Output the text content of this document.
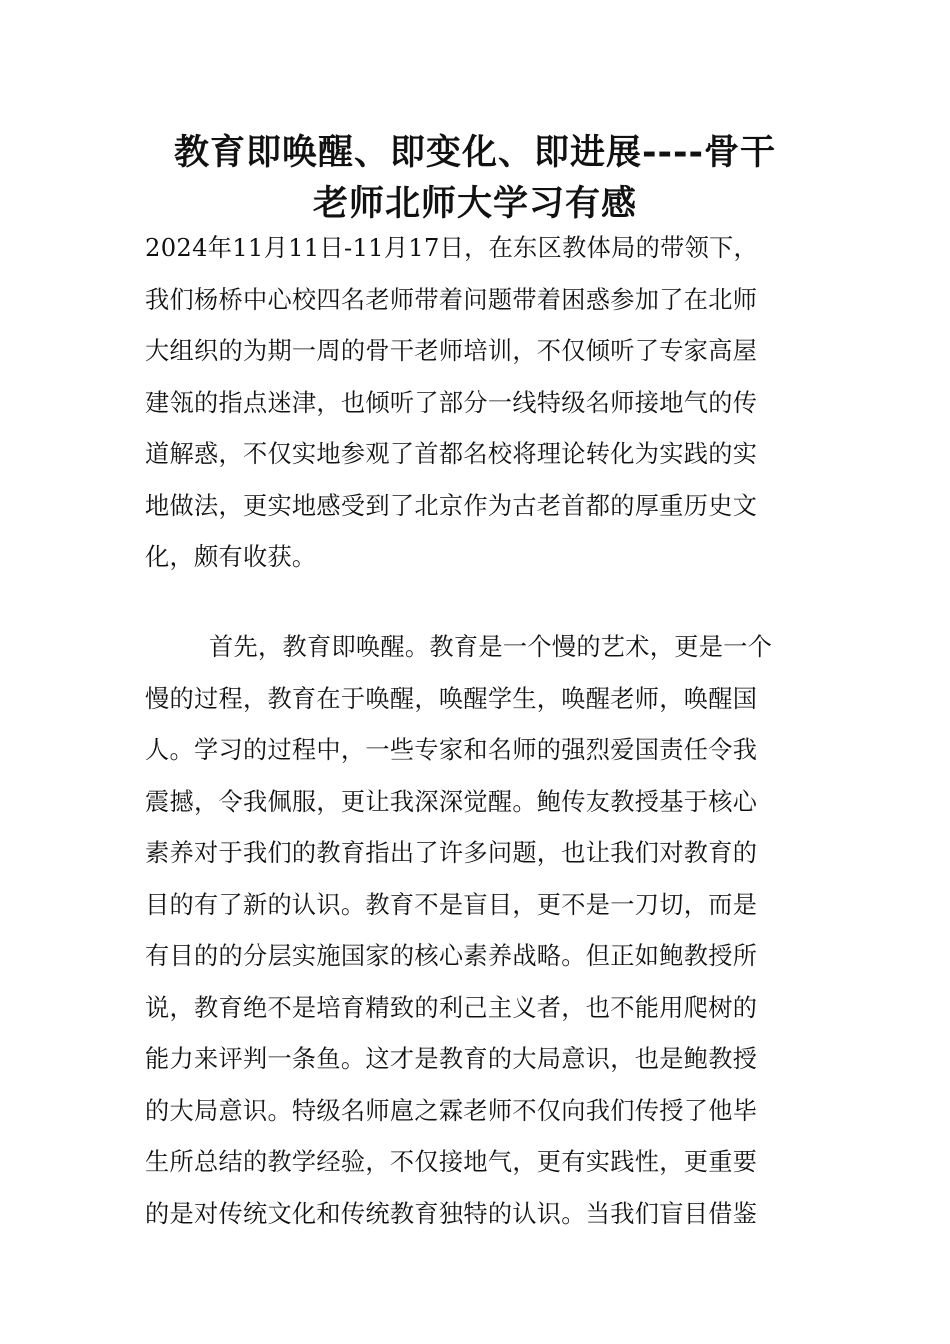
教育即唤醒、即变化、即进展----骨干
老师北师大学习有感
2024年11月11日-11月17日，在东区教体局的带领下，
我们杨桥中心校四名老师带着问题带着困惑参加了在北师
大组织的为期一周的骨干老师培训，不仅倾听了专家高屋
建瓴的指点迷津，也倾听了部分一线特级名师接地气的传
道解惑，不仅实地参观了首都名校将理论转化为实践的实
地做法，更实地感受到了北京作为古老首都的厚重历史文
化，颇有收获。
首先，教育即唤醒。教育是一个慢的艺术，更是一个
慢的过程，教育在于唤醒，唤醒学生，唤醒老师，唤醒国
人。学习的过程中，一些专家和名师的强烈爱国责任令我
震撼，令我佩服，更让我深深觉醒。鲍传友教授基于核心
素养对于我们的教育指出了许多问题，也让我们对教育的
目的有了新的认识。教育不是盲目，更不是一刀切，而是
有目的的分层实施国家的核心素养战略。但正如鲍教授所
说，教育绝不是培育精致的利己主义者，也不能用爬树的
能力来评判一条鱼。这才是教育的大局意识，也是鲍教授
的大局意识。特级名师扈之霖老师不仅向我们传授了他毕
生所总结的教学经验，不仅接地气，更有实践性，更重要
的是对传统文化和传统教育独特的认识。当我们盲目借鉴
